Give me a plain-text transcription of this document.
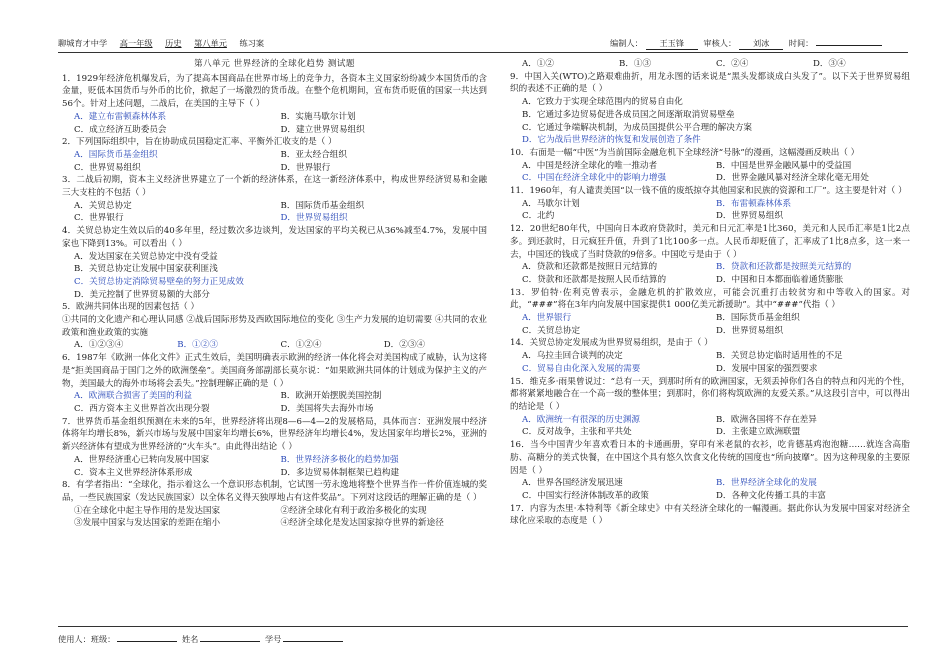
聊城育才中学 高一年级 历史 第八单元 练习案	编制人： 王玉锋 审核人： 刘冰 时间：
第八单元 世界经济的全球化趋势 测试题

1．1929年经济危机爆发后，为了提高本国商品在世界市场上的竞争力，各资本主义国家纷纷减少本国货币的含金量，贬低本国货币与外币的比价，掀起了一场激烈的货币战。在整个危机期间，宣布货币贬值的国家一共达到56个。针对上述问题，二战后，在美国的主导下（ ）

A．建立布雷顿森林体系	B．实施马歇尔计划
C．成立经济互助委员会	D．建立世界贸易组织

2．下列国际组织中，旨在协助成员国稳定汇率、平衡外汇收支的是（ ）

A．国际货币基金组织	B．亚太经合组织
C．世界贸易组织	D．世界银行

3．二战后初期，资本主义经济世界建立了一个新的经济体系，在这一新经济体系中，构成世界经济贸易和金融三大支柱的不包括（ ）

A．关贸总协定	B．国际货币基金组织
C．世界银行	D．世界贸易组织

4．关贸总协定生效以后的40多年里，经过数次多边谈判，发达国家的平均关税已从36%减至4.7%，发展中国家也下降到13%。可以看出（ ）

A．发达国家在关贸总协定中没有受益
B．关贸总协定让发展中国家获利匪浅
C．关贸总协定消除贸易壁垒的努力正见成效
D．美元控制了世界贸易额的大部分

5．欧洲共同体出现的因素包括（ ）

①共同的文化遗产和心理认同感 ②战后国际形势及西欧国际地位的变化 ③生产力发展的迫切需要 ④共同的农业政策和渔业政策的实施

A．①②③④	B．①②③	C．①②④	D．②③④

6．1987年《欧洲一体化文件》正式生效后，美国明确表示欧洲的经济一体化将会对美国构成了威胁，认为这将是“拒美国商品于国门之外的欧洲堡垒”。美国商务部副部长莫尔说：“如果欧洲共同体的计划成为保护主义的产物，美国最大的海外市场将会丢失。”控制理解正确的是（ ）

A．欧洲联合损害了美国的利益	B．欧洲开始摆脱美国控制
C．西方资本主义世界首次出现分裂	D．美国将失去海外市场

7．世界货币基金组织预测在未来的5年，世界经济将出现8—6—4—2的发展格局，具体而言：亚洲发展中经济体将年均增长8%，新兴市场与发展中国家年均增长6%，世界经济年均增长4%，发达国家年均增长2%，亚洲的新兴经济体有望成为世界经济的“火车头”。由此得出结论（ ）

A．世界经济重心已转向发展中国家	B．世界经济多极化的趋势加强
C．资本主义世界经济体系形成	D．多边贸易体制框架已趋构建

8．有学者指出：“全球化，指示着这么一个意识形态机制，它试图一劳永逸地将整个世界当作一件价值连城的奖品，一些民族国家（发达民族国家）以全体名义得天独厚地占有这件奖品”。下列对这段话的理解正确的是（ ）

①在全球化中起主导作用的是发达国家	②经济全球化有利于政治多极化的实现
③发展中国家与发达国家的差距在缩小	④经济全球化是发达国家掠夺世界的新途径
A．①②	B．①③	C．②④	D．③④

9．中国入关(WTO)之路艰难曲折，用龙永图的话来说是“黑头发都谈成白头发了”。以下关于世界贸易组织的表述不正确的是（ ）

A．它致力于实现全球范围内的贸易自由化
B．它通过多边贸易促进各成员国之间逐渐取消贸易壁垒
C．它通过争端解决机制，为成员国提供公平合理的解决方案
D．它为战后世界经济的恢复和发展创造了条件

10．右面是一幅“中医”为当前国际金融危机下全球经济“号脉”的漫画，这幅漫画反映出（ ）

A．中国是经济全球化的唯一推动者	B．中国是世界金融风暴中的受益国
C．中国在经济全球化中的影响力增强	D．世界金融风暴对经济全球化毫无用处

11．1960年，有人谴责美国“以一钱不值的废纸掠夺其他国家和民族的资源和工厂”。这主要是针对（ ）

A．马歇尔计划	B．布雷顿森林体系
C．北约	D．世界贸易组织

12．20世纪80年代，中国向日本政府贷款时，美元和日元汇率是1比360，美元和人民币汇率是1比2点多。到还款时，日元疯狂升值，升到了1比100多一点。人民币却贬值了，汇率成了1比8点多，这一来一去，中国还的钱成了当时贷款的9倍多。中国吃亏是由于（ ）

A．贷款和还款都是按照日元结算的	B．贷款和还款都是按照美元结算的
C．贷款和还款都是按照人民币结算的	D．中国和日本都面临着通货膨胀

13．罗伯特·佐利克曾表示，金融危机的扩散效应，可能会沉重打击较贫穷和中等收入的国家。对此，“###”将在3年内向发展中国家提供1 000亿美元新援助”。其中“###”代指（ ）

A．世界银行	B．国际货币基金组织
C．关贸总协定	D．世界贸易组织

14．关贸总协定发展成为世界贸易组织，是由于（ ）

A．乌拉圭回合谈判的决定	B．关贸总协定临时适用性的不足
C．贸易自由化深入发展的需要	D．发展中国家的强烈要求

15．维克多·雨果曾说过：“总有一天，到那时所有的欧洲国家，无须丢掉你们各自的特点和闪光的个性，都将紧紧地融合在一个高一级的整体里；到那时，你们将构筑欧洲的友爱关系。”从这段引言中，可以得出的结论是（ ）

A．欧洲统一有很深的历史渊源	B．欧洲各国将不存在差异
C．反对战争，主张和平共处	D．主张建立欧洲联盟

16．当今中国青少年喜欢看日本的卡通画册，穿印有米老鼠的衣衫，吃肯德基鸡泡泡糖……就连含高脂肪、高糖分的美式快餐，在中国这个具有悠久饮食文化传统的国度也“所向披靡”。因为这种现象的主要原因是（ ）

A．世界各国经济发展迅速	B．世界经济全球化的发展
C．中国实行经济体制改革的政策	D．各种文化传播工具的丰富

17．内容为杰里·本特利等《新全球史》中有关经济全球化的一幅漫画。据此你认为发展中国家对经济全球化应采取的态度是（ ）

使用人：班级：	姓名	学号
